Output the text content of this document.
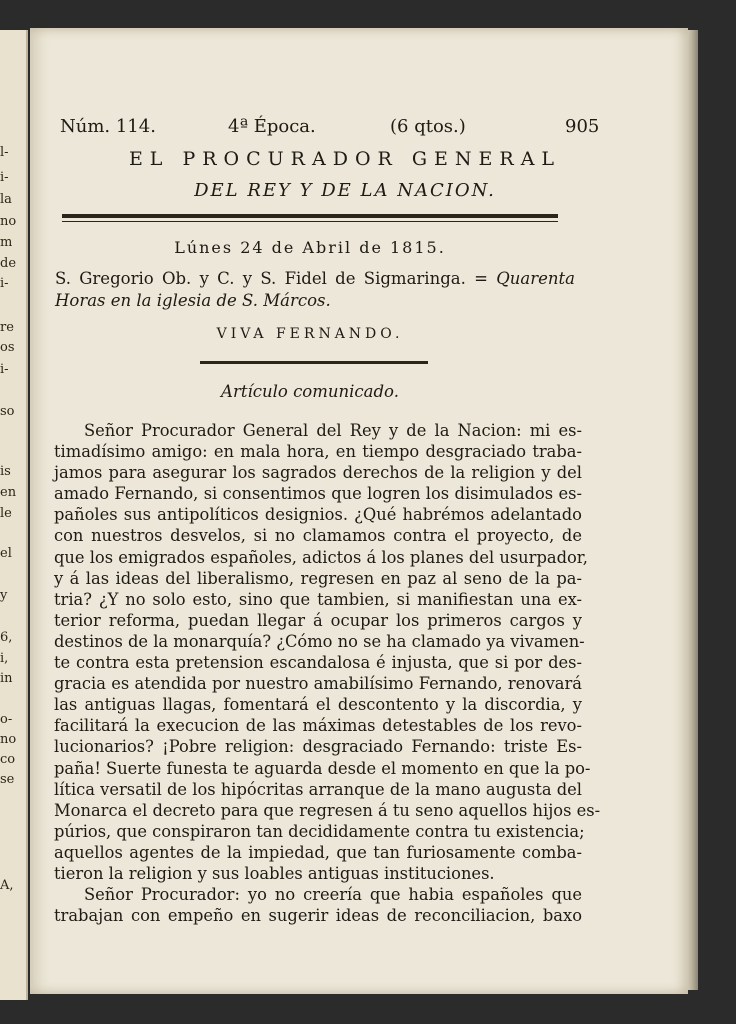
l-
i-
la
no
m
de
i-
re
os
i-
so
is
en
le
el
y
6,
i,
in
o-
no
co
se
A,
Núm. 114.	4ª Época.	(6 qtos.)	905
EL PROCURADOR GENERAL
DEL REY Y DE LA NACION.
Lúnes 24 de Abril de 1815.
S. Gregorio Ob. y C. y S. Fidel de Sigmaringa. = Quarenta Horas en la iglesia de S. Márcos.
VIVA FERNANDO.
Artículo comunicado.
Señor Procurador General del Rey y de la Nacion: mi es-
timadísimo amigo: en mala hora, en tiempo desgraciado traba-
jamos para asegurar los sagrados derechos de la religion y del
amado Fernando, si consentimos que logren los disimulados es-
pañoles sus antipolíticos designios. ¿Qué habrémos adelantado
con nuestros desvelos, si no clamamos contra el proyecto, de
que los emigrados españoles, adictos á los planes del usurpador,
y á las ideas del liberalismo, regresen en paz al seno de la pa-
tria? ¿Y no solo esto, sino que tambien, si manifiestan una ex-
terior reforma, puedan llegar á ocupar los primeros cargos y
destinos de la monarquía? ¿Cómo no se ha clamado ya vivamen-
te contra esta pretension escandalosa é injusta, que si por des-
gracia es atendida por nuestro amabilísimo Fernando, renovará
las antiguas llagas, fomentará el descontento y la discordia, y
facilitará la execucion de las máximas detestables de los revo-
lucionarios? ¡Pobre religion: desgraciado Fernando: triste Es-
paña! Suerte funesta te aguarda desde el momento en que la po-
lítica versatil de los hipócritas arranque de la mano augusta del
Monarca el decreto para que regresen á tu seno aquellos hijos es-
púrios, que conspiraron tan decididamente contra tu existencia;
aquellos agentes de la impiedad, que tan furiosamente comba-
tieron la religion y sus loables antiguas instituciones.
Señor Procurador: yo no creería que habia españoles que
trabajan con empeño en sugerir ideas de reconciliacion, baxo
